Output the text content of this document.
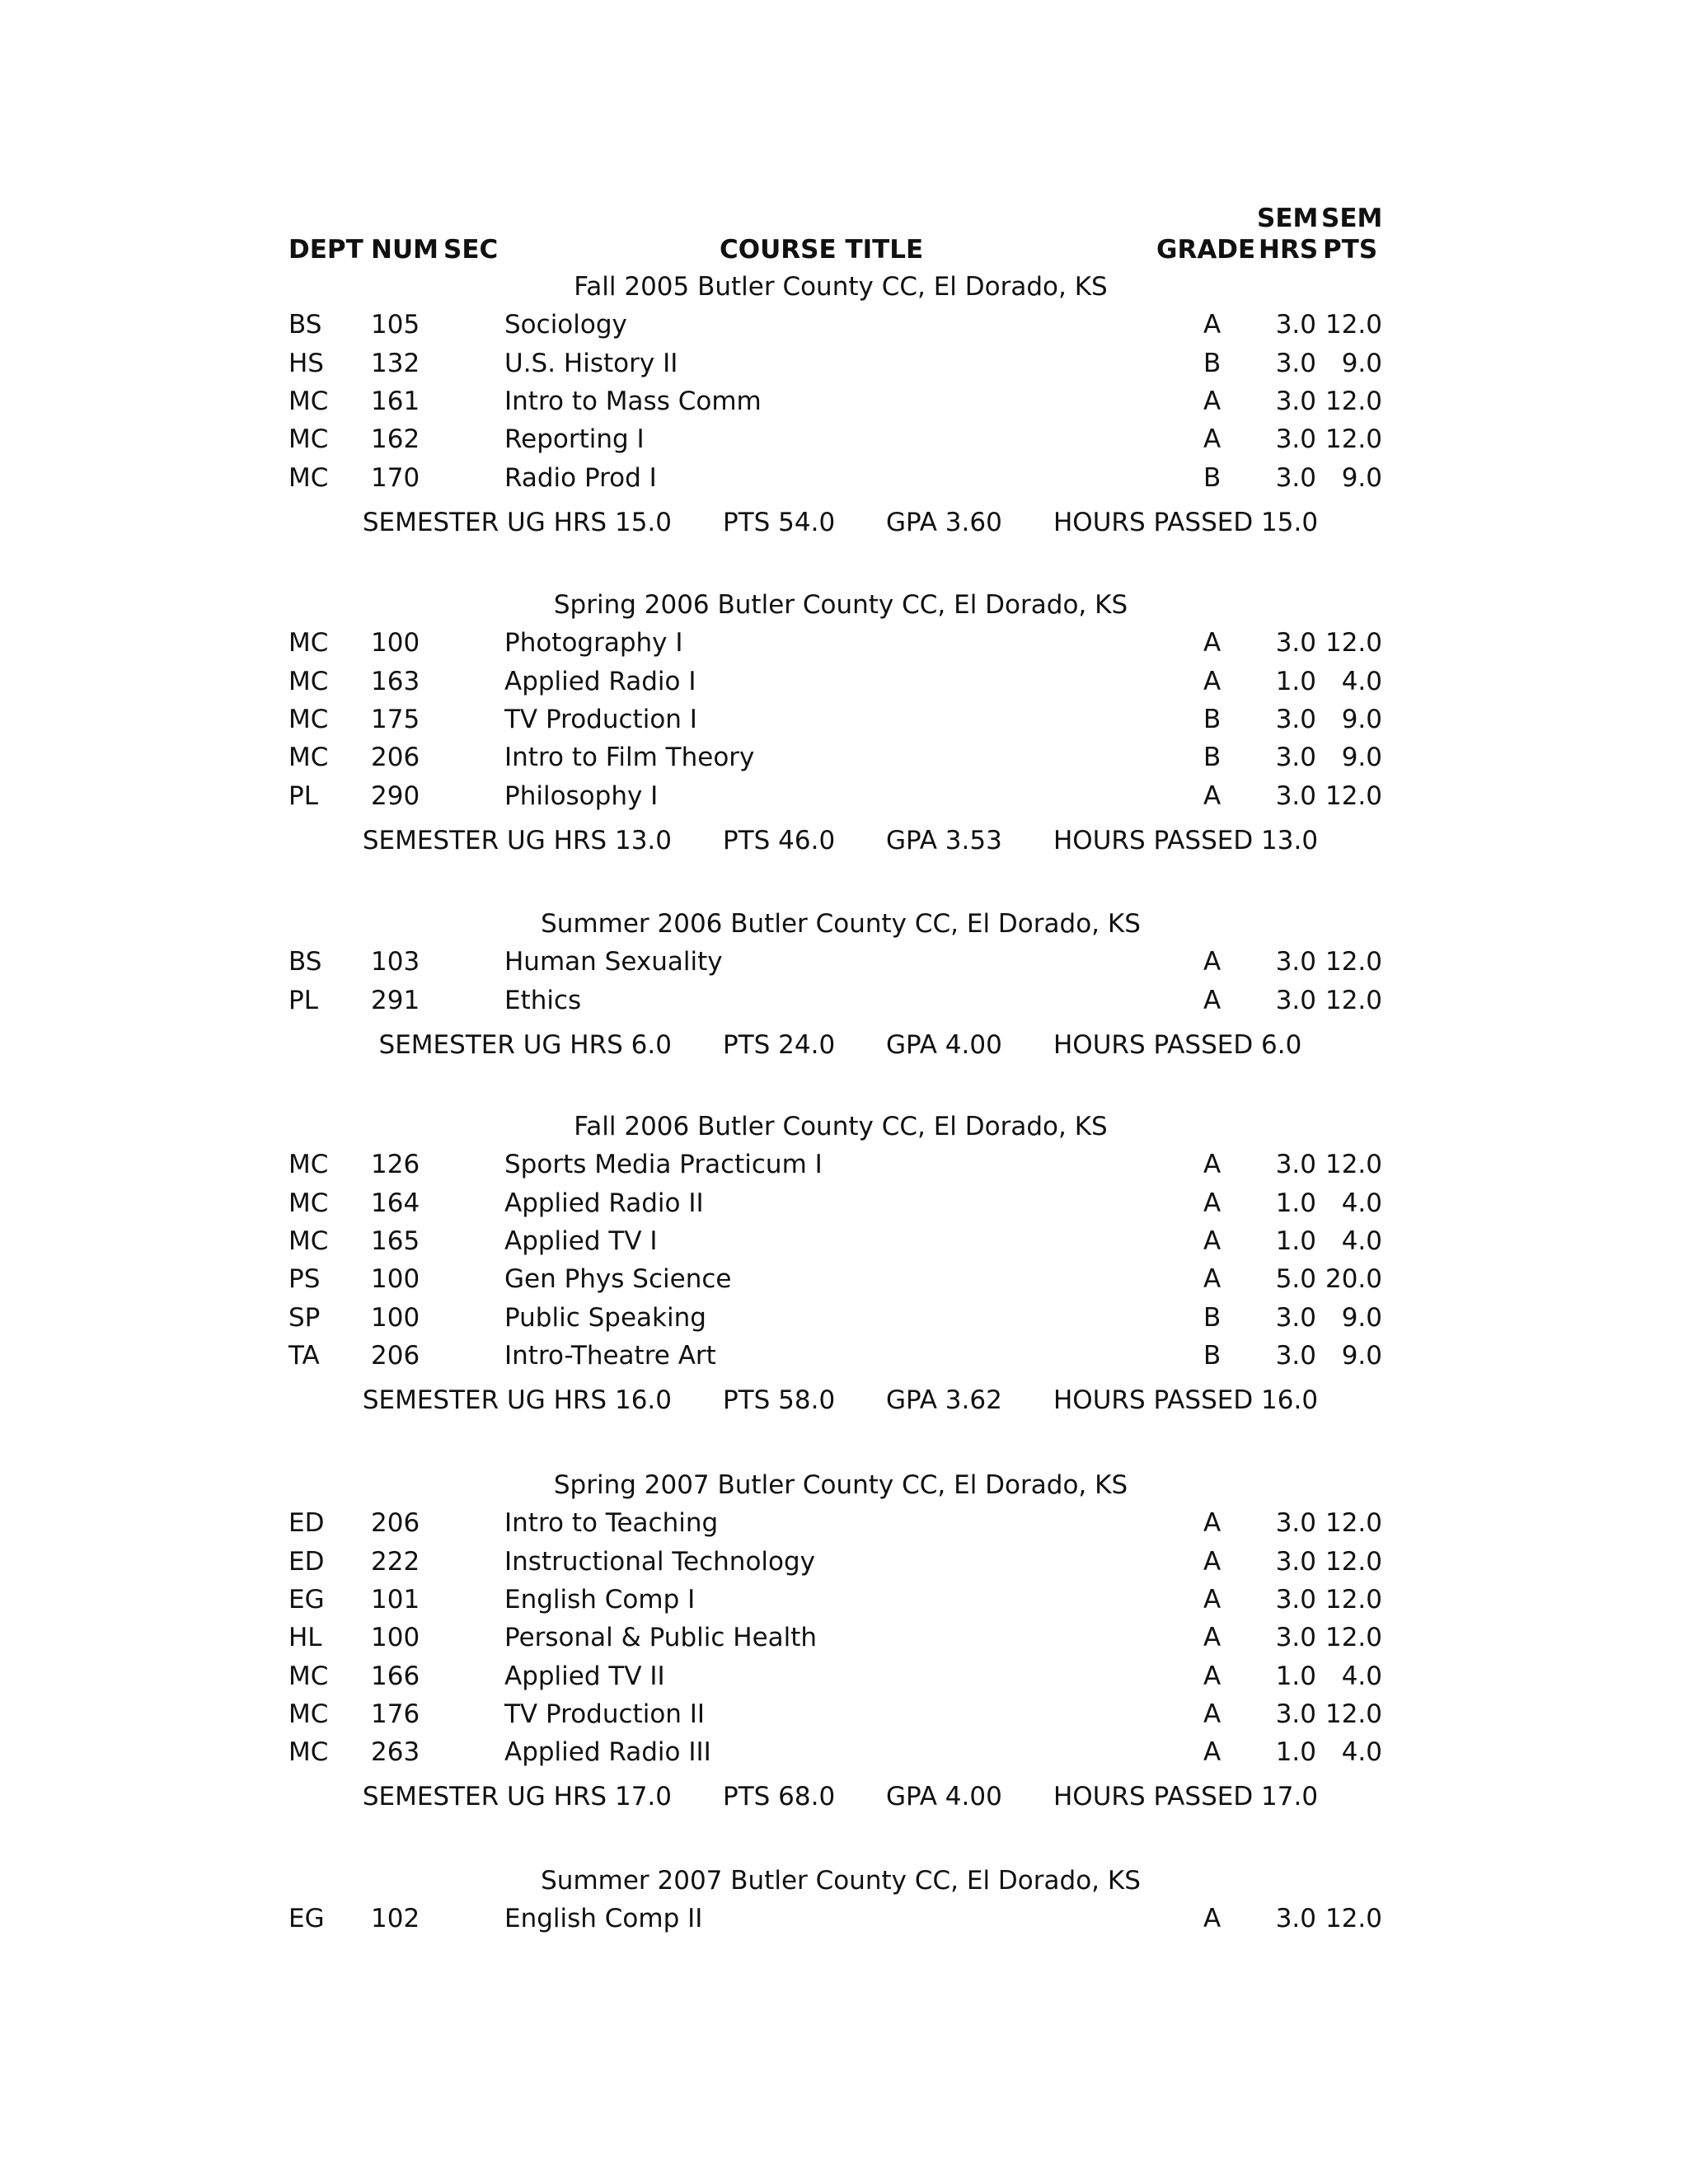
SEM SEM
DEPT NUM SEC	COURSE TITLE	GRADE HRS PTS
Fall 2005 Butler County CC, El Dorado, KS
BS 105	Sociology	A	3.0 12.0
HS 132	U.S. History II	B	3.0 9.0
MC 161	Intro to Mass Comm	A	3.0 12.0
MC 162	Reporting I	A	3.0 12.0
MC 170	Radio Prod I	B	3.0 9.0
SEMESTER UG HRS 15.0 PTS 54.0 GPA 3.60 HOURS PASSED 15.0
Spring 2006 Butler County CC, El Dorado, KS
MC 100	Photography I	A	3.0 12.0
MC 163	Applied Radio I	A	1.0 4.0
MC 175	TV Production I	B	3.0 9.0
MC 206	Intro to Film Theory	B	3.0 9.0
PL 290	Philosophy I	A	3.0 12.0
SEMESTER UG HRS 13.0 PTS 46.0 GPA 3.53 HOURS PASSED 13.0
Summer 2006 Butler County CC, El Dorado, KS
BS 103	Human Sexuality	A	3.0 12.0
PL 291	Ethics	A	3.0 12.0
SEMESTER UG HRS 6.0 PTS 24.0 GPA 4.00 HOURS PASSED 6.0
Fall 2006 Butler County CC, El Dorado, KS
MC 126	Sports Media Practicum I	A	3.0 12.0
MC 164	Applied Radio II	A	1.0 4.0
MC 165	Applied TV I	A	1.0 4.0
PS 100	Gen Phys Science	A	5.0 20.0
SP 100	Public Speaking	B	3.0 9.0
TA 206	Intro-Theatre Art	B	3.0 9.0
SEMESTER UG HRS 16.0 PTS 58.0 GPA 3.62 HOURS PASSED 16.0
Spring 2007 Butler County CC, El Dorado, KS
ED 206	Intro to Teaching	A	3.0 12.0
ED 222	Instructional Technology	A	3.0 12.0
EG 101	English Comp I	A	3.0 12.0
HL 100	Personal & Public Health	A	3.0 12.0
MC 166	Applied TV II	A	1.0 4.0
MC 176	TV Production II	A	3.0 12.0
MC 263	Applied Radio III	A	1.0 4.0
SEMESTER UG HRS 17.0 PTS 68.0 GPA 4.00 HOURS PASSED 17.0
Summer 2007 Butler County CC, El Dorado, KS
EG 102	English Comp II	A	3.0 12.0
